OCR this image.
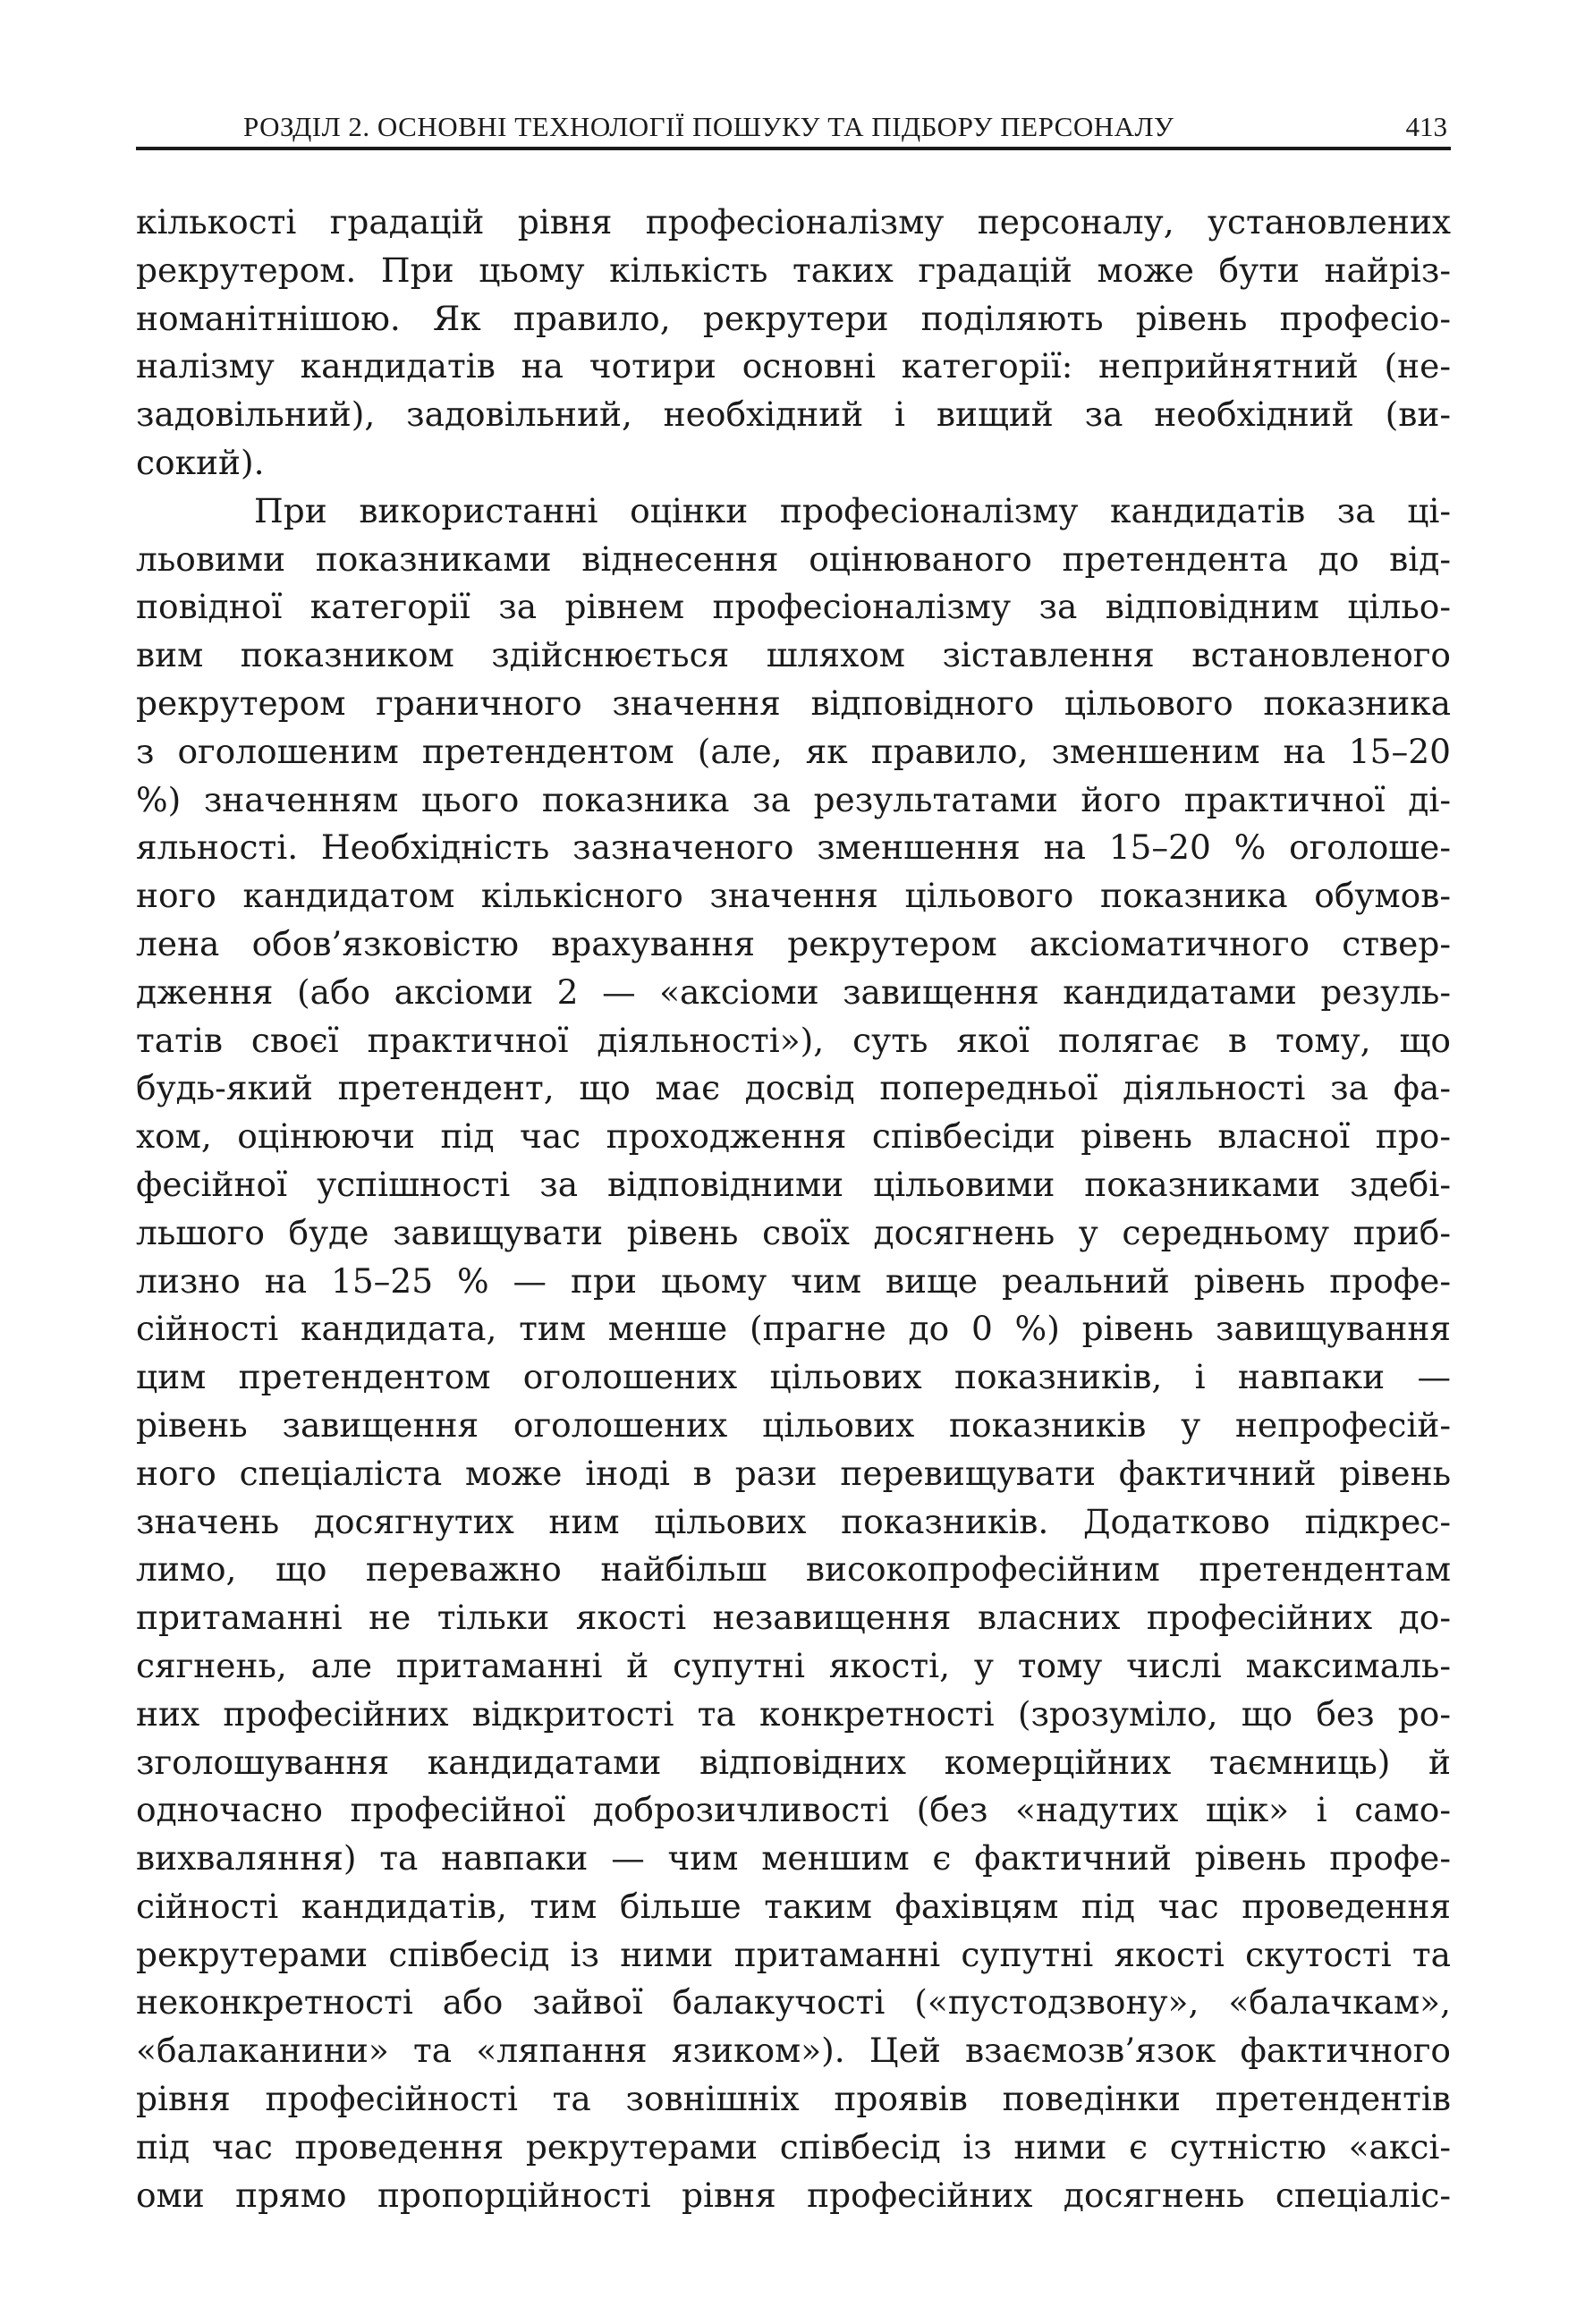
РОЗДІЛ 2. ОСНОВНІ ТЕХНОЛОГІЇ ПОШУКУ ТА ПІДБОРУ ПЕРСОНАЛУ	413
кількості градацій рівня професіоналізму персоналу, установлених
рекрутером. При цьому кількість таких градацій може бути найріз-
номанітнішою. Як правило, рекрутери поділяють рівень професіо-
налізму кандидатів на чотири основні категорії: неприйнятний (не-
задовільний), задовільний, необхідний і вищий за необхідний (ви-
сокий).
При використанні оцінки професіоналізму кандидатів за ці-
льовими показниками віднесення оцінюваного претендента до від-
повідної категорії за рівнем професіоналізму за відповідним цільо-
вим показником здійснюється шляхом зіставлення встановленого
рекрутером граничного значення відповідного цільового показника
з оголошеним претендентом (але, як правило, зменшеним на 15–20
%) значенням цього показника за результатами його практичної ді-
яльності. Необхідність зазначеного зменшення на 15–20 % оголоше-
ного кандидатом кількісного значення цільового показника обумов-
лена обов’язковістю врахування рекрутером аксіоматичного ствер-
дження (або аксіоми 2 — «аксіоми завищення кандидатами резуль-
татів своєї практичної діяльності»), суть якої полягає в тому, що
будь-який претендент, що має досвід попередньої діяльності за фа-
хом, оцінюючи під час проходження співбесіди рівень власної про-
фесійної успішності за відповідними цільовими показниками здебі-
льшого буде завищувати рівень своїх досягнень у середньому приб-
лизно на 15–25 % — при цьому чим вище реальний рівень профе-
сійності кандидата, тим менше (прагне до 0 %) рівень завищування
цим претендентом оголошених цільових показників, і навпаки —
рівень завищення оголошених цільових показників у непрофесій-
ного спеціаліста може іноді в рази перевищувати фактичний рівень
значень досягнутих ним цільових показників. Додатково підкрес-
лимо, що переважно найбільш високопрофесійним претендентам
притаманні не тільки якості незавищення власних професійних до-
сягнень, але притаманні й супутні якості, у тому числі максималь-
них професійних відкритості та конкретності (зрозуміло, що без ро-
зголошування кандидатами відповідних комерційних таємниць) й
одночасно професійної доброзичливості (без «надутих щік» і само-
вихваляння) та навпаки — чим меншим є фактичний рівень профе-
сійності кандидатів, тим більше таким фахівцям під час проведення
рекрутерами співбесід із ними притаманні супутні якості скутості та
неконкретності або зайвої балакучості («пустодзвону», «балачкам»,
«балаканини» та «ляпання язиком»). Цей взаємозв’язок фактичного
рівня професійності та зовнішніх проявів поведінки претендентів
під час проведення рекрутерами співбесід із ними є сутністю «аксі-
оми прямо пропорційності рівня професійних досягнень спеціаліс-
